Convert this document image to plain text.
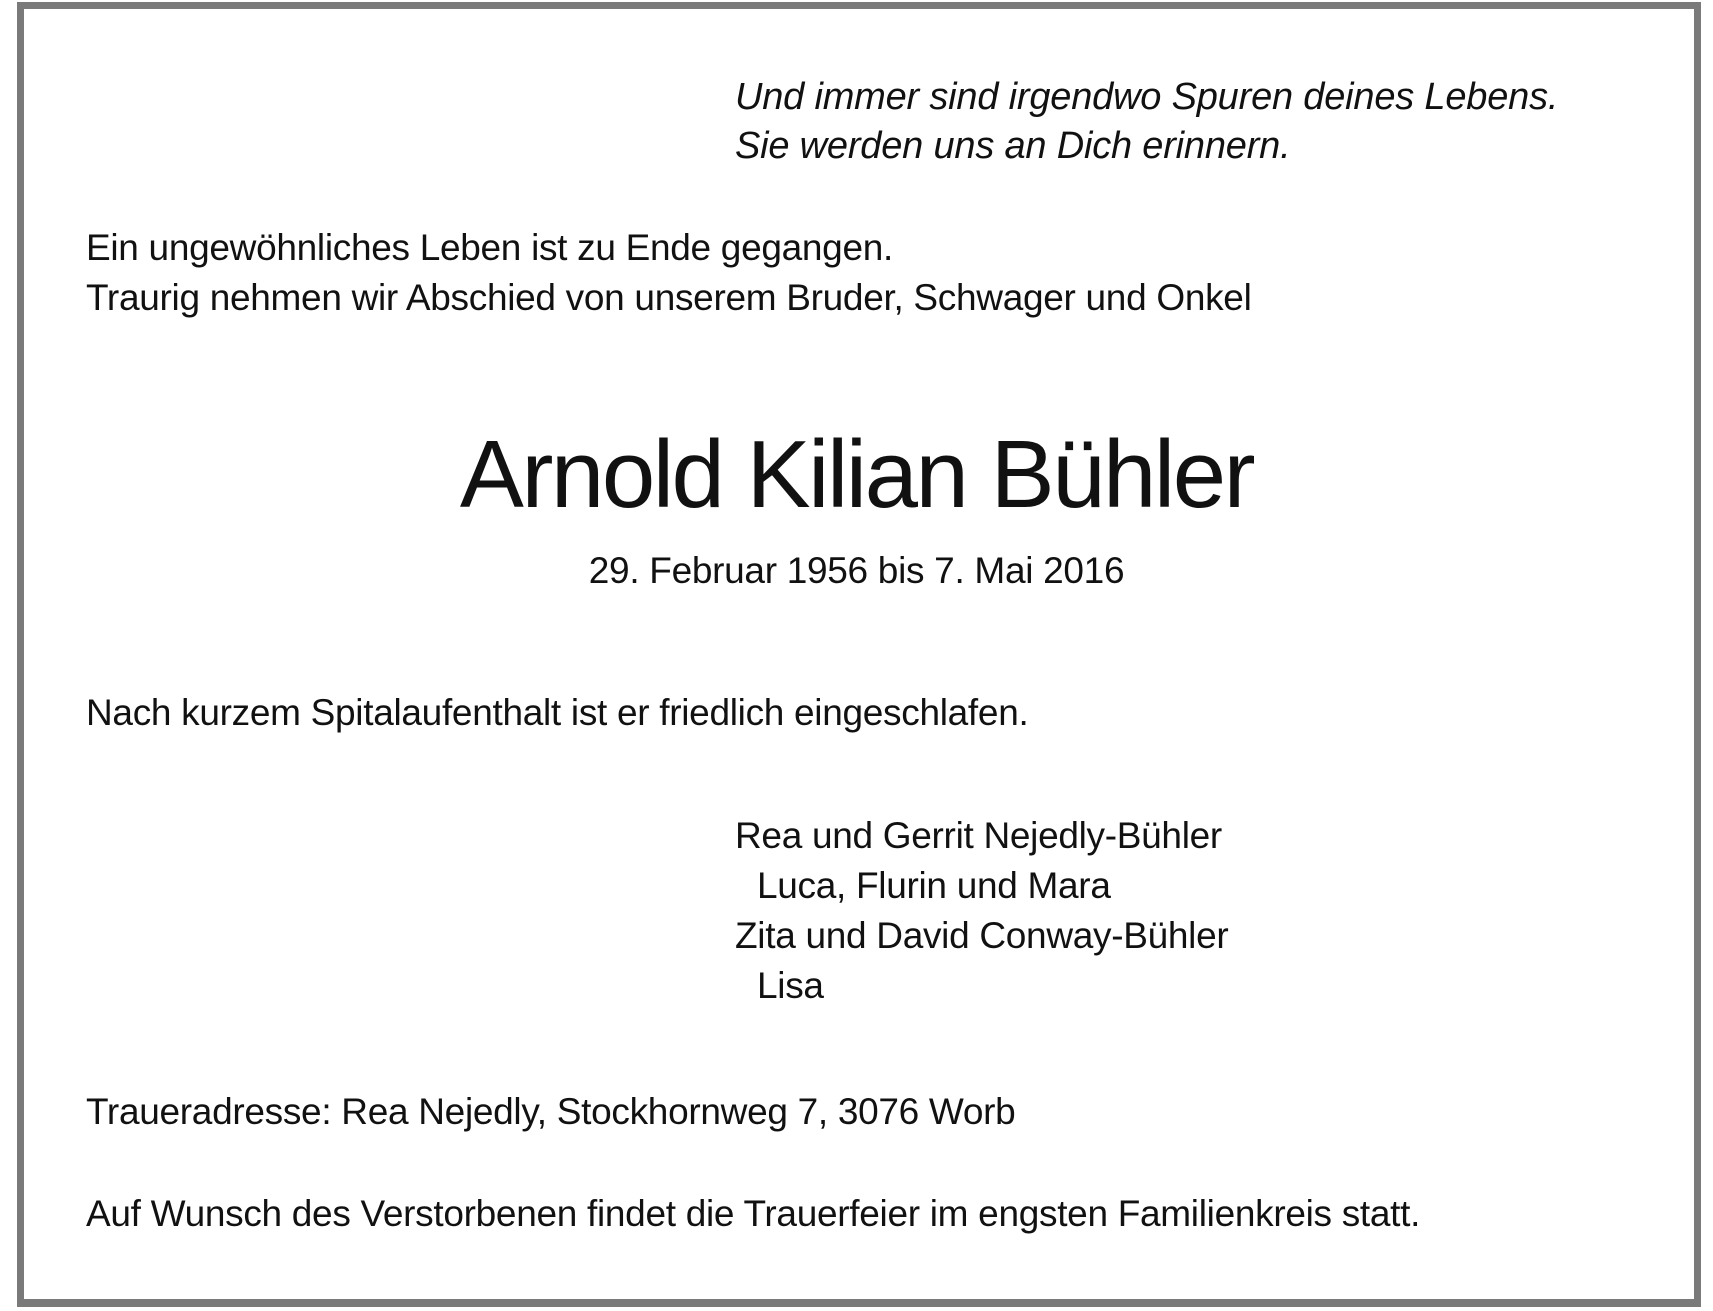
Und immer sind irgendwo Spuren deines Lebens.
Sie werden uns an Dich erinnern.
Ein ungewöhnliches Leben ist zu Ende gegangen.
Traurig nehmen wir Abschied von unserem Bruder, Schwager und Onkel
Arnold Kilian Bühler
29. Februar 1956 bis 7. Mai 2016
Nach kurzem Spitalaufenthalt ist er friedlich eingeschlafen.
Rea und Gerrit Nejedly-Bühler
Luca, Flurin und Mara
Zita und David Conway-Bühler
Lisa
Traueradresse: Rea Nejedly, Stockhornweg 7, 3076 Worb
Auf Wunsch des Verstorbenen findet die Trauerfeier im engsten Familienkreis statt.
